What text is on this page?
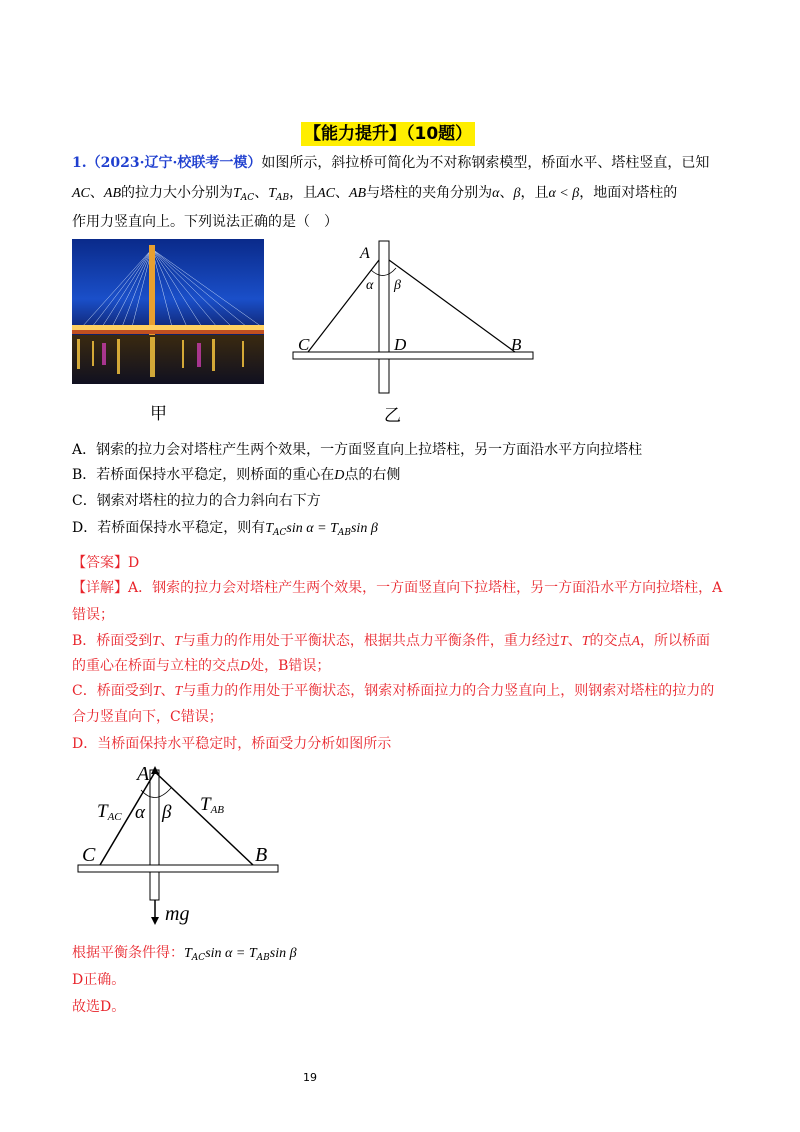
【能力提升】（10题）
1.（2023·辽宁·校联考一模）如图所示，斜拉桥可简化为不对称钢索模型，桥面水平、塔柱竖直，已知
AC、AB的拉力大小分别为$T_{AC}$、$T_{AB}$，且AC、AB与塔柱的夹角分别为α、β，且α < β，地面对塔柱的
作用力竖直向上。下列说法正确的是（　）
甲
A
α β
C	D	B
乙
A．钢索的拉力会对塔柱产生两个效果，一方面竖直向上拉塔柱，另一方面沿水平方向拉塔柱
B．若桥面保持水平稳定，则桥面的重心在D点的右侧
C．钢索对塔柱的拉力的合力斜向右下方
D．若桥面保持水平稳定，则有$T_{AC}\sin$ $\alpha = T_{AB}\sin$ β
【答案】D
【详解】A．钢索的拉力会对塔柱产生两个效果，一方面竖直向下拉塔柱，另一方面沿水平方向拉塔柱，A
错误；
B．桥面受到T、T与重力的作用处于平衡状态，根据共点力平衡条件，重力经过T、T的交点A，所以桥面
的重心在桥面与立柱的交点D处，B错误；
C．桥面受到T、T与重力的作用处于平衡状态，钢索对桥面拉力的合力竖直向上，则钢索对塔柱的拉力的
合力竖直向下，C错误；
D．当桥面保持水平稳定时，桥面受力分析如图所示
A
TAC α β TAB
C	B
mg
根据平衡条件得：$T_{AC}\sin$ $\alpha = T_{AB}\sin$ β
D正确。
故选D。
19
